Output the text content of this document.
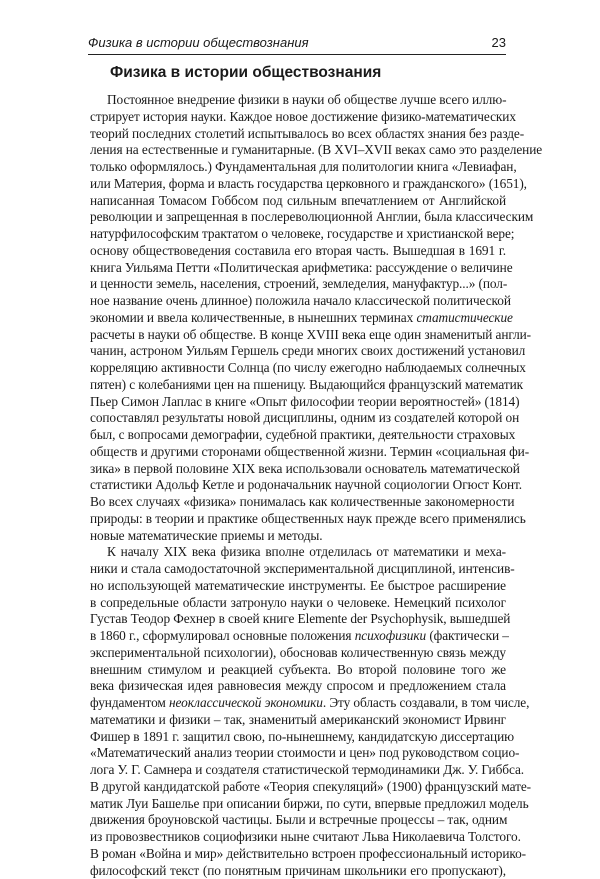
Физика в истории обществознания	23
Физика в истории обществознания
Постоянное внедрение физики в науки об обществе лучше всего иллю-
стрирует история науки. Каждое новое достижение физико-математических
теорий последних столетий испытывалось во всех областях знания без разде-
ления на естественные и гуманитарные. (В XVI–XVII веках само это разделение
только оформлялось.) Фундаментальная для политологии книга «Левиафан,
или Материя, форма и власть государства церковного и гражданского» (1651),
написанная Томасом Гоббсом под сильным впечатлением от Английской
революции и запрещенная в послереволюционной Англии, была классическим
натурфилософским трактатом о человеке, государстве и христианской вере;
основу обществоведения составила его вторая часть. Вышедшая в 1691 г.
книга Уильяма Петти «Политическая арифметика: рассуждение о величине
и ценности земель, населения, строений, земледелия, мануфактур...» (пол-
ное название очень длинное) положила начало классической политической
экономии и ввела количественные, в нынешних терминах статистические
расчеты в науки об обществе. В конце XVIII века еще один знаменитый англи-
чанин, астроном Уильям Гершель среди многих своих достижений установил
корреляцию активности Солнца (по числу ежегодно наблюдаемых солнечных
пятен) с колебаниями цен на пшеницу. Выдающийся французский математик
Пьер Симон Лаплас в книге «Опыт философии теории вероятностей» (1814)
сопоставлял результаты новой дисциплины, одним из создателей которой он
был, с вопросами демографии, судебной практики, деятельности страховых
обществ и другими сторонами общественной жизни. Термин «социальная фи-
зика» в первой половине XIX века использовали основатель математической
статистики Адольф Кетле и родоначальник научной социологии Огюст Конт.
Во всех случаях «физика» понималась как количественные закономерности
природы: в теории и практике общественных наук прежде всего применялись
новые математические приемы и методы.
К началу XIX века физика вполне отделилась от математики и меха-
ники и стала самодостаточной экспериментальной дисциплиной, интенсив-
но использующей математические инструменты. Ее быстрое расширение
в сопредельные области затронуло науки о человеке. Немецкий психолог
Густав Теодор Фехнер в своей книге Elemente der Psychophysik, вышедшей
в 1860 г., сформулировал основные положения психофизики (фактически –
экспериментальной психологии), обосновав количественную связь между
внешним стимулом и реакцией субъекта. Во второй половине того же
века физическая идея равновесия между спросом и предложением стала
фундаментом неоклассической экономики. Эту область создавали, в том числе,
математики и физики – так, знаменитый американский экономист Ирвинг
Фишер в 1891 г. защитил свою, по-нынешнему, кандидатскую диссертацию
«Математический анализ теории стоимости и цен» под руководством социо-
лога У. Г. Самнера и создателя статистической термодинамики Дж. У. Гиббса.
В другой кандидатской работе «Теория спекуляций» (1900) французский мате-
матик Луи Башелье при описании биржи, по сути, впервые предложил модель
движения броуновской частицы. Были и встречные процессы – так, одним
из провозвестников социофизики ныне считают Льва Николаевича Толстого.
В роман «Война и мир» действительно встроен профессиональный историко-
философский текст (по понятным причинам школьники его пропускают),
